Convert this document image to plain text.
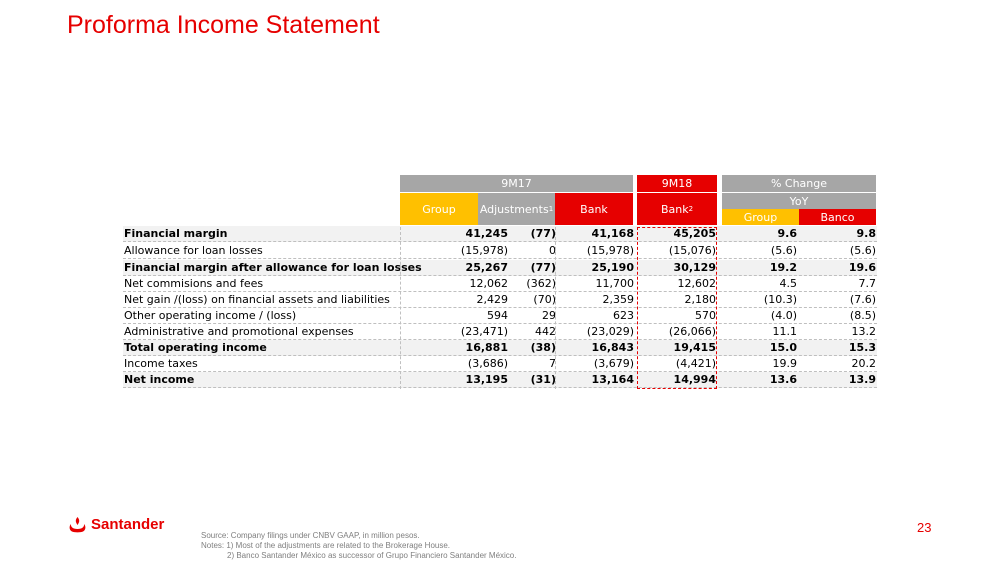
Proforma Income Statement
9M17	9M18	% Change
Group	Adjustments 1	Bank	Bank 2
YoY
Group	Banco
Financial margin	41,245	(77)	41,168	45,205	9.6	9.8
Allowance for loan losses	(15,978)	0	(15,978)	(15,076)	(5.6)	(5.6)
Financial margin after allowance for loan losses	25,267	(77)	25,190	30,129	19.2	19.6
Net commisions and fees	12,062	(362)	11,700	12,602	4.5	7.7
Net gain /(loss) on financial assets and liabilities	2,429	(70)	2,359	2,180	(10.3)	(7.6)
Other operating income / (loss)	594	29	623	570	(4.0)	(8.5)
Administrative and promotional expenses	(23,471)	442	(23,029)	(26,066)	11.1	13.2
Total operating income	16,881	(38)	16,843	19,415	15.0	15.3
Income taxes	(3,686)	7	(3,679)	(4,421)	19.9	20.2
Net income	13,195	(31)	13,164	14,994	13.6	13.9
Santander	23
Source: Company filings under CNBV GAAP, in million pesos.
Notes: 1) Most of the adjustments are related to the Brokerage House.
2) Banco Santander México as successor of Grupo Financiero Santander México.
